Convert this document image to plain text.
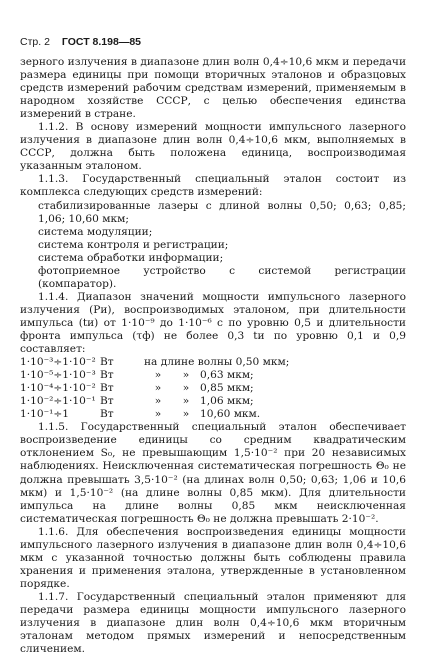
Стр. 2 ГОСТ 8.198—85

зерного излучения в диапазоне длин волн 0,4÷10,6 мкм и передачи размера единицы при помощи вторичных эталонов и образцовых средств измерений рабочим средствам измерений, применяемым в народном хозяйстве СССР, с целью обеспечения единства измерений в стране.

1.1.2. В основу измерений мощности импульсного лазерного излучения в диапазоне длин волн 0,4÷10,6 мкм, выполняемых в СССР, должна быть положена единица, воспроизводимая указанным эталоном.

1.1.3. Государственный специальный эталон состоит из комплекса следующих средств измерений:

стабилизированные лазеры с длиной волны 0,50; 0,63; 0,85; 1,06; 10,60 мкм;
система модуляции;
система контроля и регистрации;
система обработки информации;
фотоприемное устройство с системой регистрации (компаратор).

1.1.4. Диапазон значений мощности импульсного лазерного излучения (Pи), воспроизводимых эталоном, при длительности импульса (tи) от 1·10⁻⁹ до 1·10⁻⁶ с по уровню 0,5 и длительности фронта импульса (τф) не более 0,3 tи по уровню 0,1 и 0,9 составляет:

1·10⁻³÷1·10⁻² Вт	на длине волны 0,50 мкм;
1·10⁻⁵÷1·10⁻³ Вт	»	»	0,63 мкм;
1·10⁻⁴÷1·10⁻² Вт	»	»	0,85 мкм;
1·10⁻²÷1·10⁻¹ Вт	»	»	1,06 мкм;
1·10⁻¹÷1	Вт	»	»	10,60 мкм.

1.1.5. Государственный специальный эталон обеспечивает воспроизведение единицы со средним квадратическим отклонением S₀, не превышающим 1,5·10⁻² при 20 независимых наблюдениях. Неисключенная систематическая погрешность Θ₀ не должна превышать 3,5·10⁻² (на длинах волн 0,50; 0,63; 1,06 и 10,6 мкм) и 1,5·10⁻² (на длине волны 0,85 мкм). Для длительности импульса на длине волны 0,85 мкм неисключенная систематическая погрешность Θ₀ не должна превышать 2·10⁻².

1.1.6. Для обеспечения воспроизведения единицы мощности импульсного лазерного излучения в диапазоне длин волн 0,4÷10,6 мкм с указанной точностью должны быть соблюдены правила хранения и применения эталона, утвержденные в установленном порядке.

1.1.7. Государственный специальный эталон применяют для передачи размера единицы мощности импульсного лазерного излучения в диапазоне длин волн 0,4÷10,6 мкм вторичным эталонам методом прямых измерений и непосредственным сличением.
